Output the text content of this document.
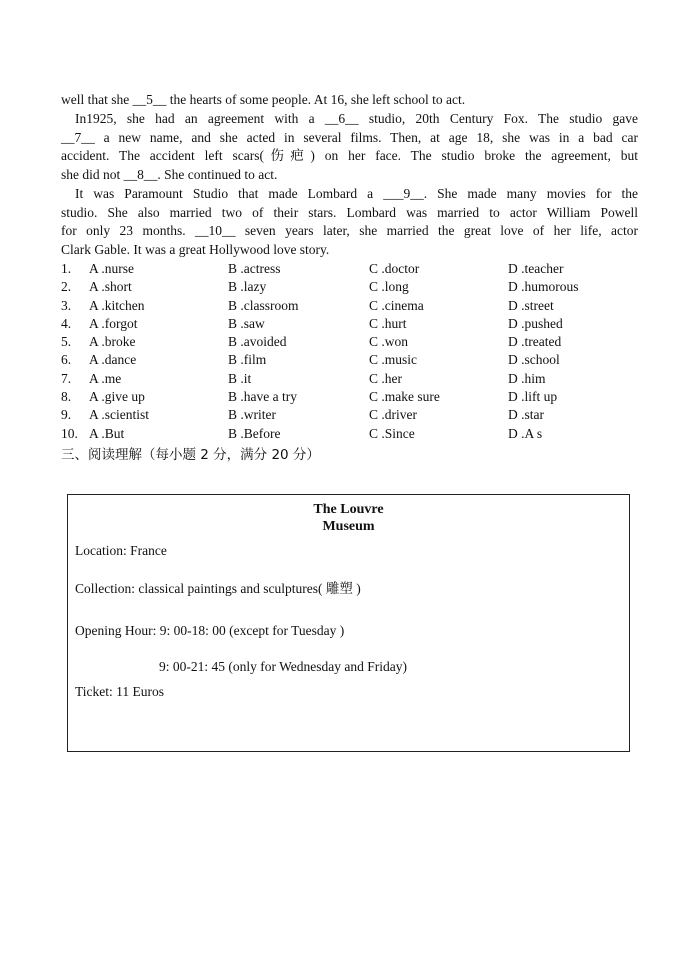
well that she __5__ the hearts of some people. At 16, she left school to act.

In1925, she had an agreement with a __6__ studio, 20th Century Fox. The studio gave
__7__ a new name, and she acted in several films. Then, at age 18, she was in a bad car
accident. The accident left scars(伤疤) on her face. The studio broke the agreement, but
she did not __8__. She continued to act.

It was Paramount Studio that made Lombard a ___9__. She made many movies for the
studio. She also married two of their stars. Lombard was married to actor William Powell
for only 23 months. __10__ seven years later, she married the great love of her life, actor
Clark Gable. It was a great Hollywood love story.

1. A .nurse	B .actress	C .doctor	D .teacher
2. A .short	B .lazy	C .long	D .humorous
3. A .kitchen	B .classroom	C .cinema	D .street
4. A .forgot	B .saw	C .hurt	D .pushed
5. A .broke	B .avoided	C .won	D .treated
6. A .dance	B .film	C .music	D .school
7. A .me	B .it	C .her	D .him
8. A .give up	B .have a try	C .make sure	D .lift up
9. A .scientist	B .writer	C .driver	D .star
10. A .But	B .Before	C .Since	D .A s
三、阅读理解（每小题 2 分，满分 20 分）
The Louvre
Museum
Location: France
Collection: classical paintings and sculptures( 雕塑 )
Opening Hour: 9: 00-18: 00 (except for Tuesday )
9: 00-21: 45 (only for Wednesday and Friday)
Ticket: 11 Euros
